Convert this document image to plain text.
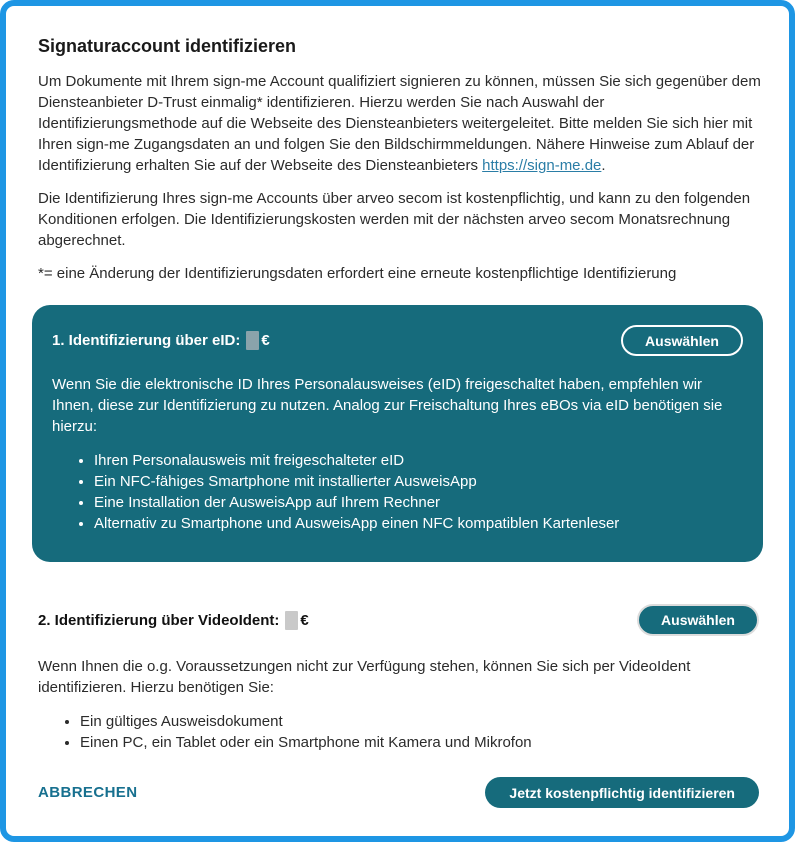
Signaturaccount identifizieren

Um Dokumente mit Ihrem sign-me Account qualifiziert signieren zu können, müssen Sie sich gegenüber dem Diensteanbieter D-Trust einmalig* identifizieren. Hierzu werden Sie nach Auswahl der Identifizierungsmethode auf die Webseite des Diensteanbieters weitergeleitet. Bitte melden Sie sich hier mit Ihren sign-me Zugangsdaten an und folgen Sie den Bildschirmmeldungen. Nähere Hinweise zum Ablauf der Identifizierung erhalten Sie auf der Webseite des Diensteanbieters https://sign-me.de.

Die Identifizierung Ihres sign-me Accounts über arveo secom ist kostenpflichtig, und kann zu den folgenden Konditionen erfolgen. Die Identifizierungskosten werden mit der nächsten arveo secom Monatsrechnung abgerechnet.

*= eine Änderung der Identifizierungsdaten erfordert eine erneute kostenpflichtige Identifizierung

1. Identifizierung über eID: €	Auswählen

Wenn Sie die elektronische ID Ihres Personalausweises (eID) freigeschaltet haben, empfehlen wir Ihnen, diese zur Identifizierung zu nutzen. Analog zur Freischaltung Ihres eBOs via eID benötigen sie hierzu:

• Ihren Personalausweis mit freigeschalteter eID
• Ein NFC-fähiges Smartphone mit installierter AusweisApp
• Eine Installation der AusweisApp auf Ihrem Rechner
• Alternativ zu Smartphone und AusweisApp einen NFC kompatiblen Kartenleser
2. Identifizierung über VideoIdent: €	Auswählen

Wenn Ihnen die o.g. Voraussetzungen nicht zur Verfügung stehen, können Sie sich per VideoIdent identifizieren. Hierzu benötigen Sie:

• Ein gültiges Ausweisdokument
• Einen PC, ein Tablet oder ein Smartphone mit Kamera und Mikrofon
ABBRECHEN	Jetzt kostenpflichtig identifizieren
